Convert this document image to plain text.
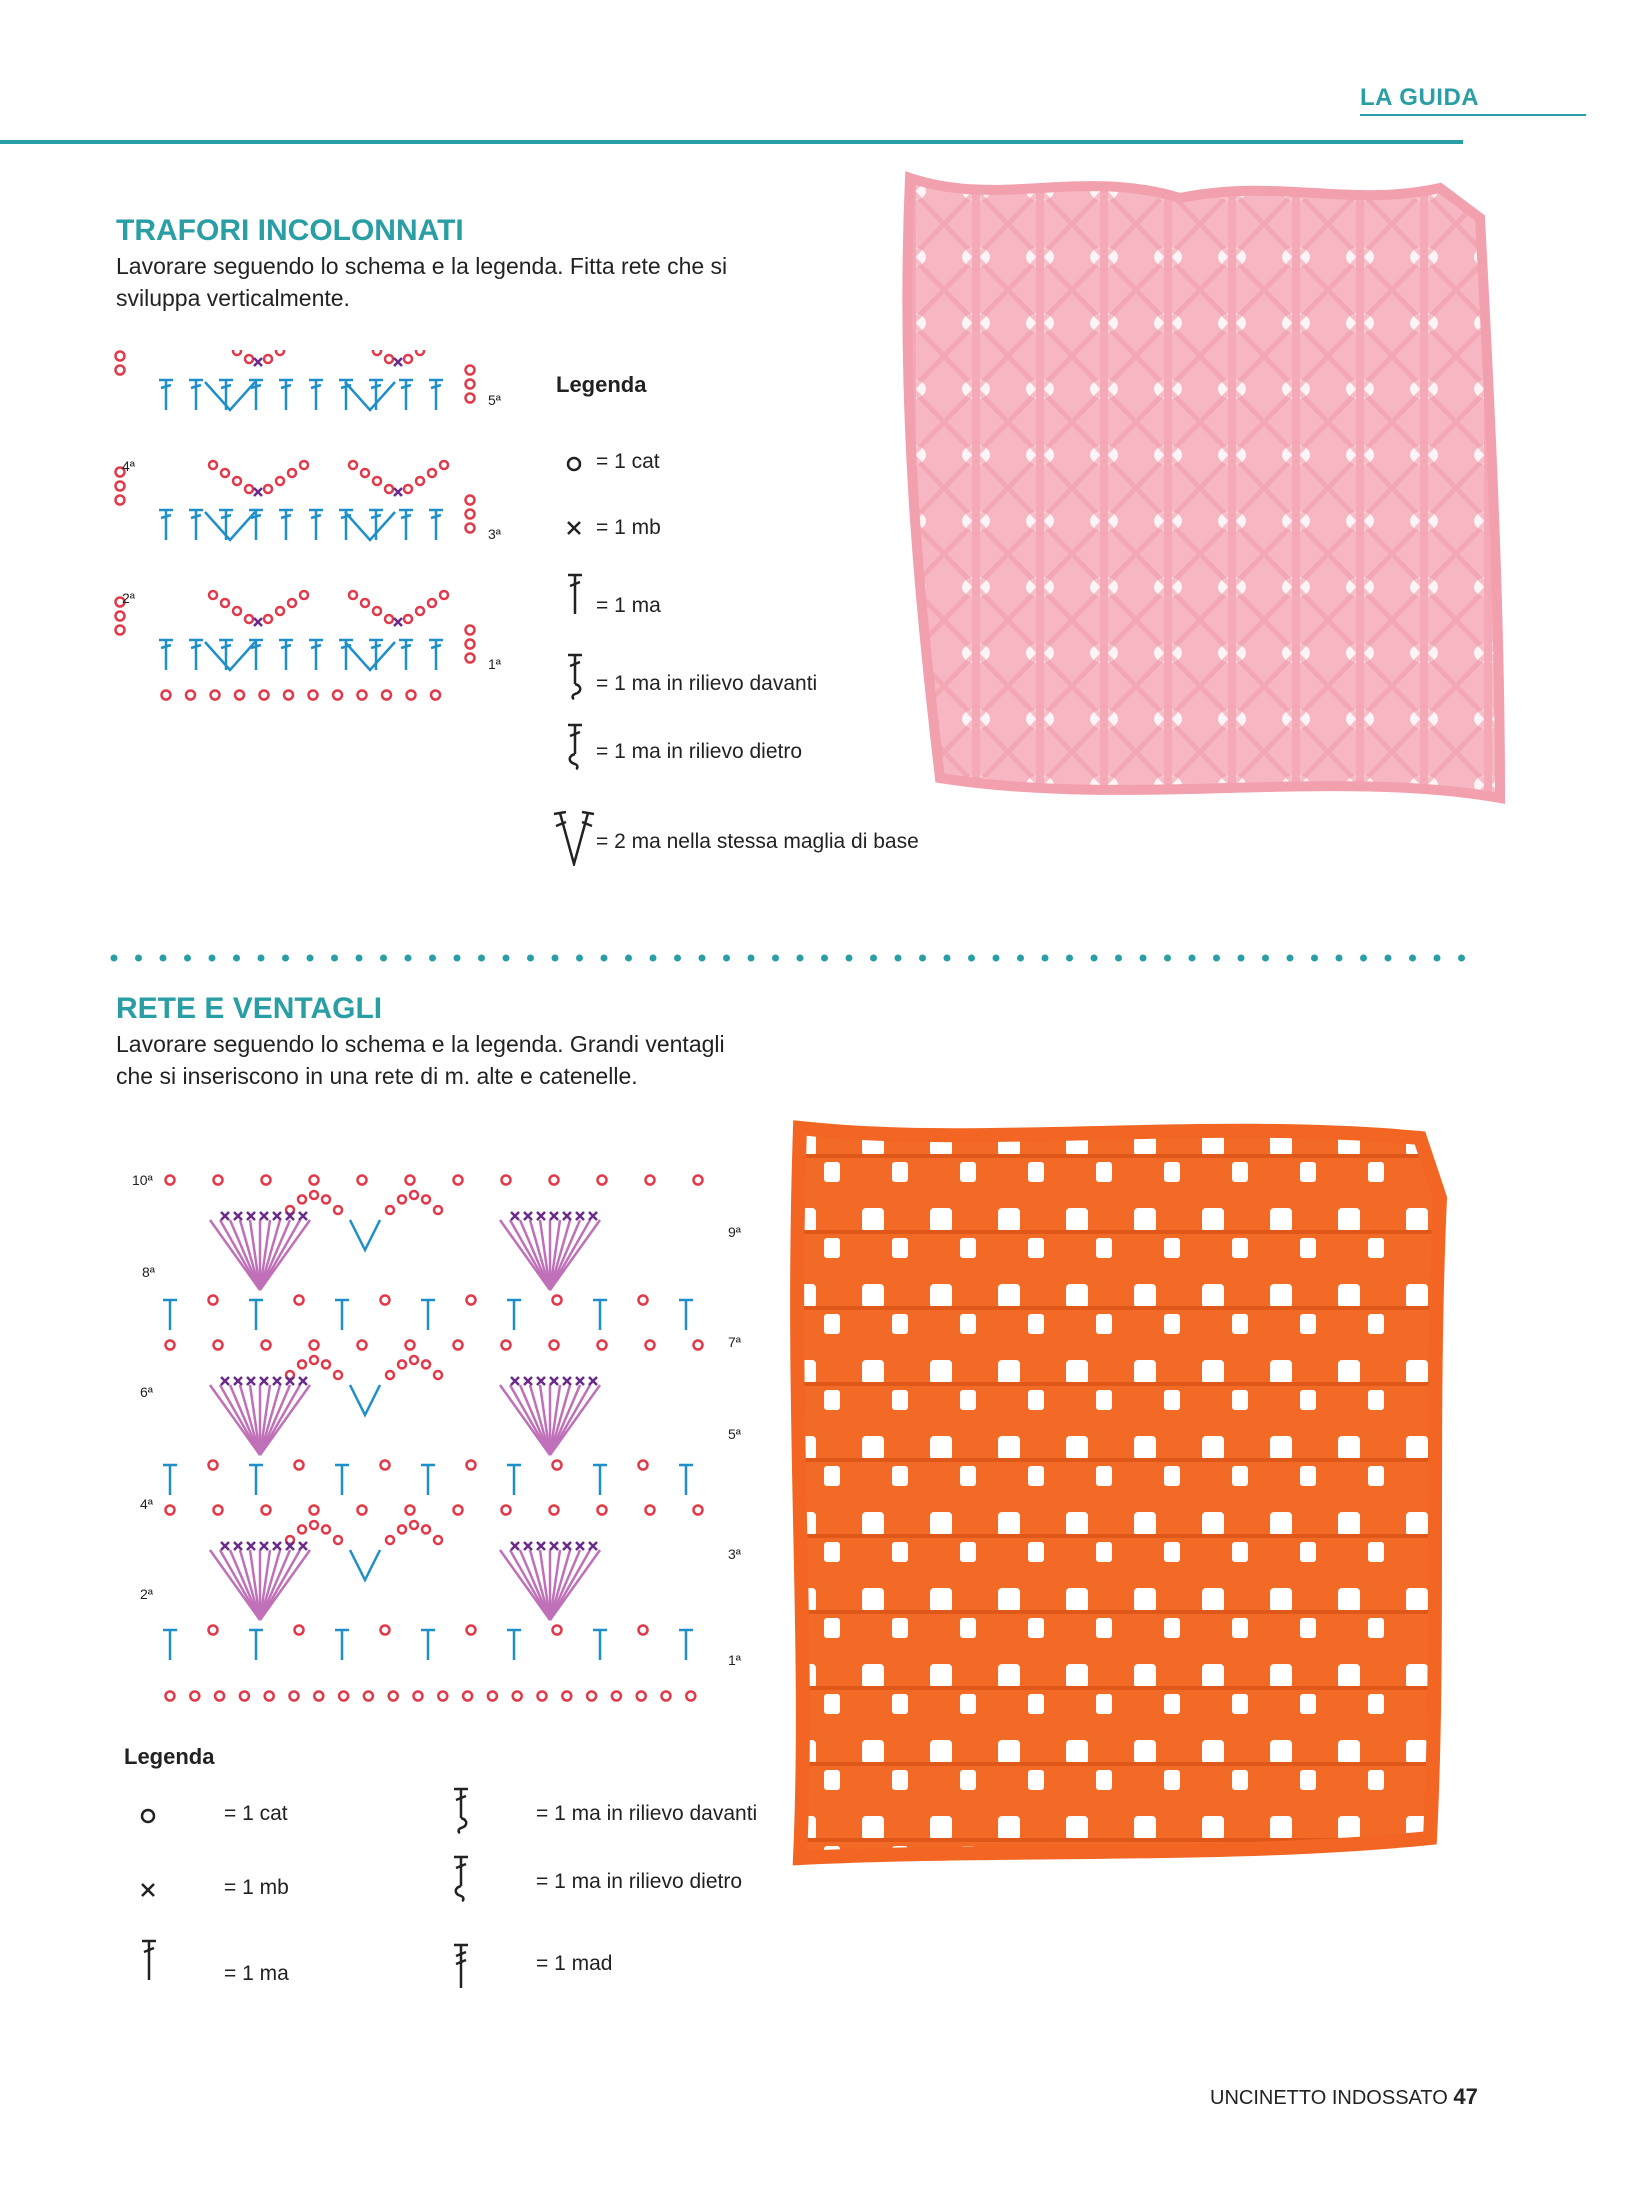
LA GUIDA
TRAFORI INCOLONNATI
Lavorare seguendo lo schema e la legenda. Fitta rete che si
sviluppa verticalmente.
5ª
4ª
3ª
2ª
1ª
Legenda
= 1 cat
= 1 mb
= 1 ma
= 1 ma in rilievo davanti
= 1 ma in rilievo dietro
= 2 ma nella stessa maglia di base
RETE E VENTAGLI
Lavorare seguendo lo schema e la legenda. Grandi ventagli
che si inseriscono in una rete di m. alte e catenelle.
10ª
9ª
8ª
7ª
6ª
5ª
4ª
3ª
2ª
1ª
Legenda
= 1 cat
= 1 mb
= 1 ma
= 1 ma in rilievo davanti
= 1 ma in rilievo dietro
= 1 mad
UNCINETTO INDOSSATO 47
